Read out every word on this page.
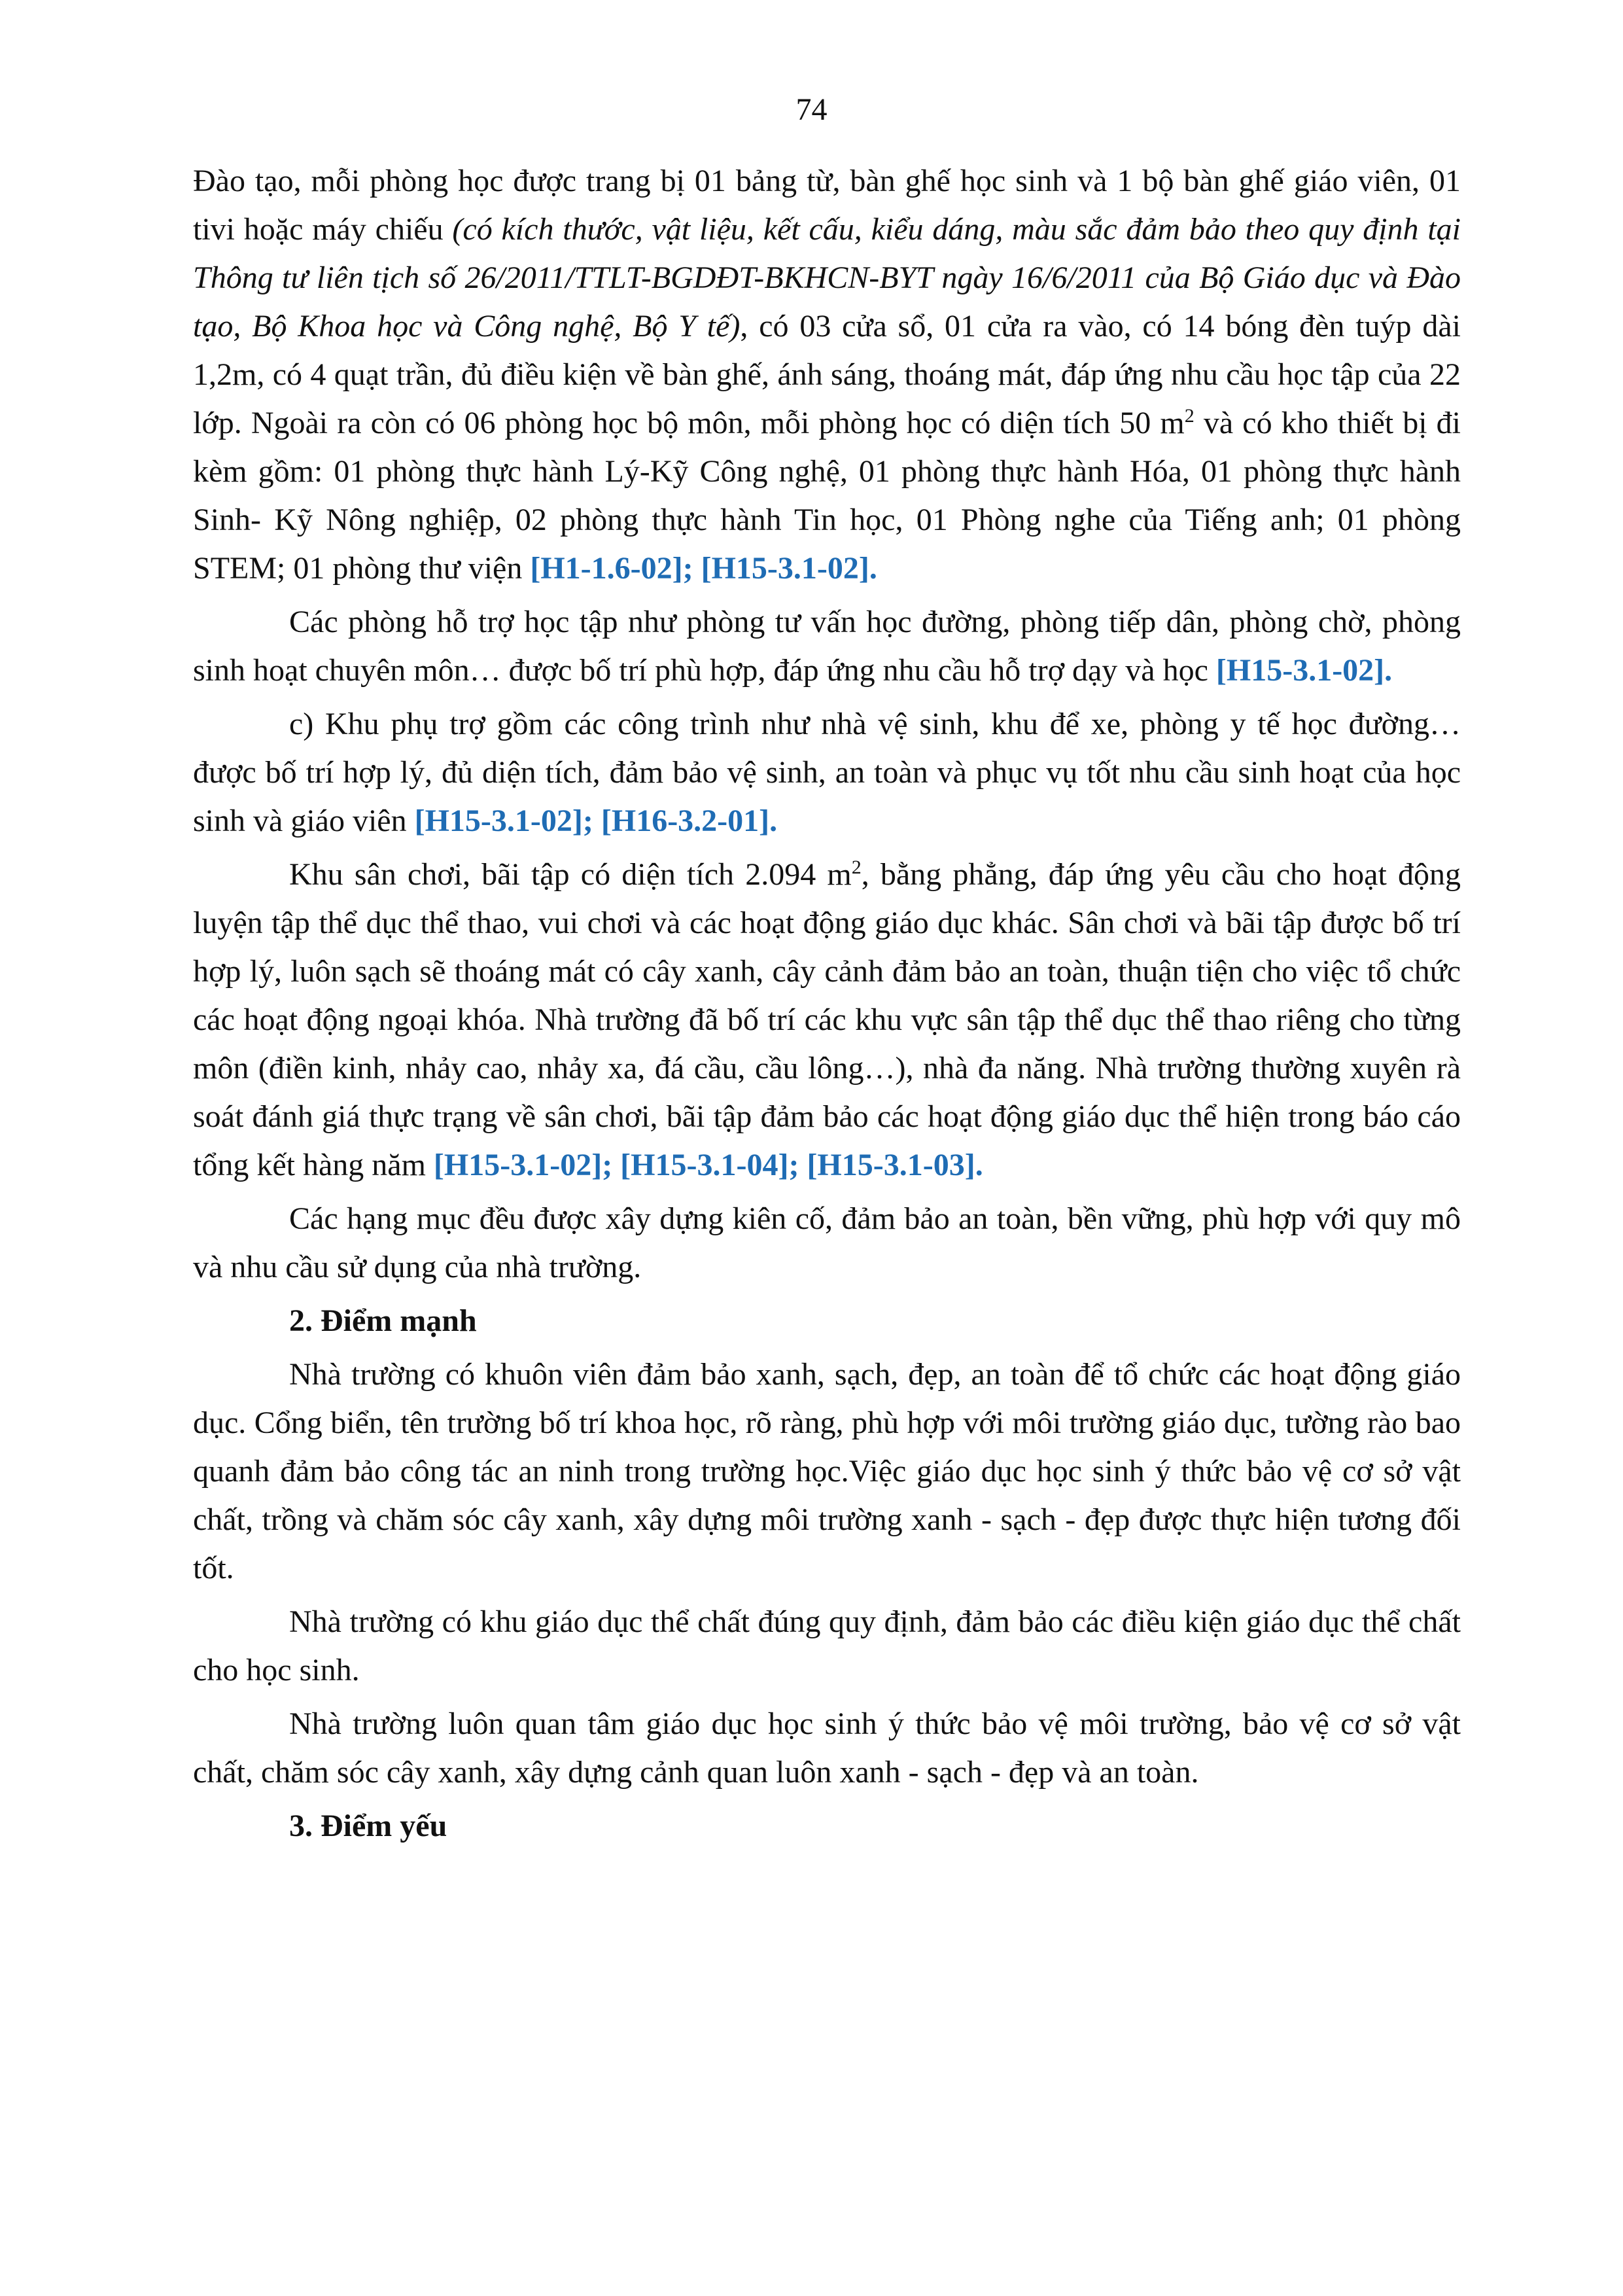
74

Đào tạo, mỗi phòng học được trang bị 01 bảng từ, bàn ghế học sinh và 1 bộ bàn ghế giáo viên, 01 tivi hoặc máy chiếu (có kích thước, vật liệu, kết cấu, kiểu dáng, màu sắc đảm bảo theo quy định tại Thông tư liên tịch số 26/2011/TTLT-BGDĐT-BKHCN-BYT ngày 16/6/2011 của Bộ Giáo dục và Đào tạo, Bộ Khoa học và Công nghệ, Bộ Y tế), có 03 cửa sổ, 01 cửa ra vào, có 14 bóng đèn tuýp dài 1,2m, có 4 quạt trần, đủ điều kiện về bàn ghế, ánh sáng, thoáng mát, đáp ứng nhu cầu học tập của 22 lớp. Ngoài ra còn có 06 phòng học bộ môn, mỗi phòng học có diện tích 50 $m^2$ và có kho thiết bị đi kèm gồm: 01 phòng thực hành Lý-Kỹ Công nghệ, 01 phòng thực hành Hóa, 01 phòng thực hành Sinh- Kỹ Nông nghiệp, 02 phòng thực hành Tin học, 01 Phòng nghe của Tiếng anh; 01 phòng STEM; 01 phòng thư viện [H1-1.6-02]; [H15-3.1-02].

Các phòng hỗ trợ học tập như phòng tư vấn học đường, phòng tiếp dân, phòng chờ, phòng sinh hoạt chuyên môn… được bố trí phù hợp, đáp ứng nhu cầu hỗ trợ dạy và học [H15-3.1-02].

c) Khu phụ trợ gồm các công trình như nhà vệ sinh, khu để xe, phòng y tế học đường… được bố trí hợp lý, đủ diện tích, đảm bảo vệ sinh, an toàn và phục vụ tốt nhu cầu sinh hoạt của học sinh và giáo viên [H15-3.1-02]; [H16-3.2-01].

Khu sân chơi, bãi tập có diện tích 2.094 $m^2$, bằng phẳng, đáp ứng yêu cầu cho hoạt động luyện tập thể dục thể thao, vui chơi và các hoạt động giáo dục khác. Sân chơi và bãi tập được bố trí hợp lý, luôn sạch sẽ thoáng mát có cây xanh, cây cảnh đảm bảo an toàn, thuận tiện cho việc tổ chức các hoạt động ngoại khóa. Nhà trường đã bố trí các khu vực sân tập thể dục thể thao riêng cho từng môn (điền kinh, nhảy cao, nhảy xa, đá cầu, cầu lông…), nhà đa năng. Nhà trường thường xuyên rà soát đánh giá thực trạng về sân chơi, bãi tập đảm bảo các hoạt động giáo dục thể hiện trong báo cáo tổng kết hàng năm [H15-3.1-02]; [H15-3.1-04]; [H15-3.1-03].

Các hạng mục đều được xây dựng kiên cố, đảm bảo an toàn, bền vững, phù hợp với quy mô và nhu cầu sử dụng của nhà trường.

2. Điểm mạnh

Nhà trường có khuôn viên đảm bảo xanh, sạch, đẹp, an toàn để tổ chức các hoạt động giáo dục. Cổng biển, tên trường bố trí khoa học, rõ ràng, phù hợp với môi trường giáo dục, tường rào bao quanh đảm bảo công tác an ninh trong trường học.Việc giáo dục học sinh ý thức bảo vệ cơ sở vật chất, trồng và chăm sóc cây xanh, xây dựng môi trường xanh - sạch - đẹp được thực hiện tương đối tốt.

Nhà trường có khu giáo dục thể chất đúng quy định, đảm bảo các điều kiện giáo dục thể chất cho học sinh.

Nhà trường luôn quan tâm giáo dục học sinh ý thức bảo vệ môi trường, bảo vệ cơ sở vật chất, chăm sóc cây xanh, xây dựng cảnh quan luôn xanh - sạch - đẹp và an toàn.

3. Điểm yếu
